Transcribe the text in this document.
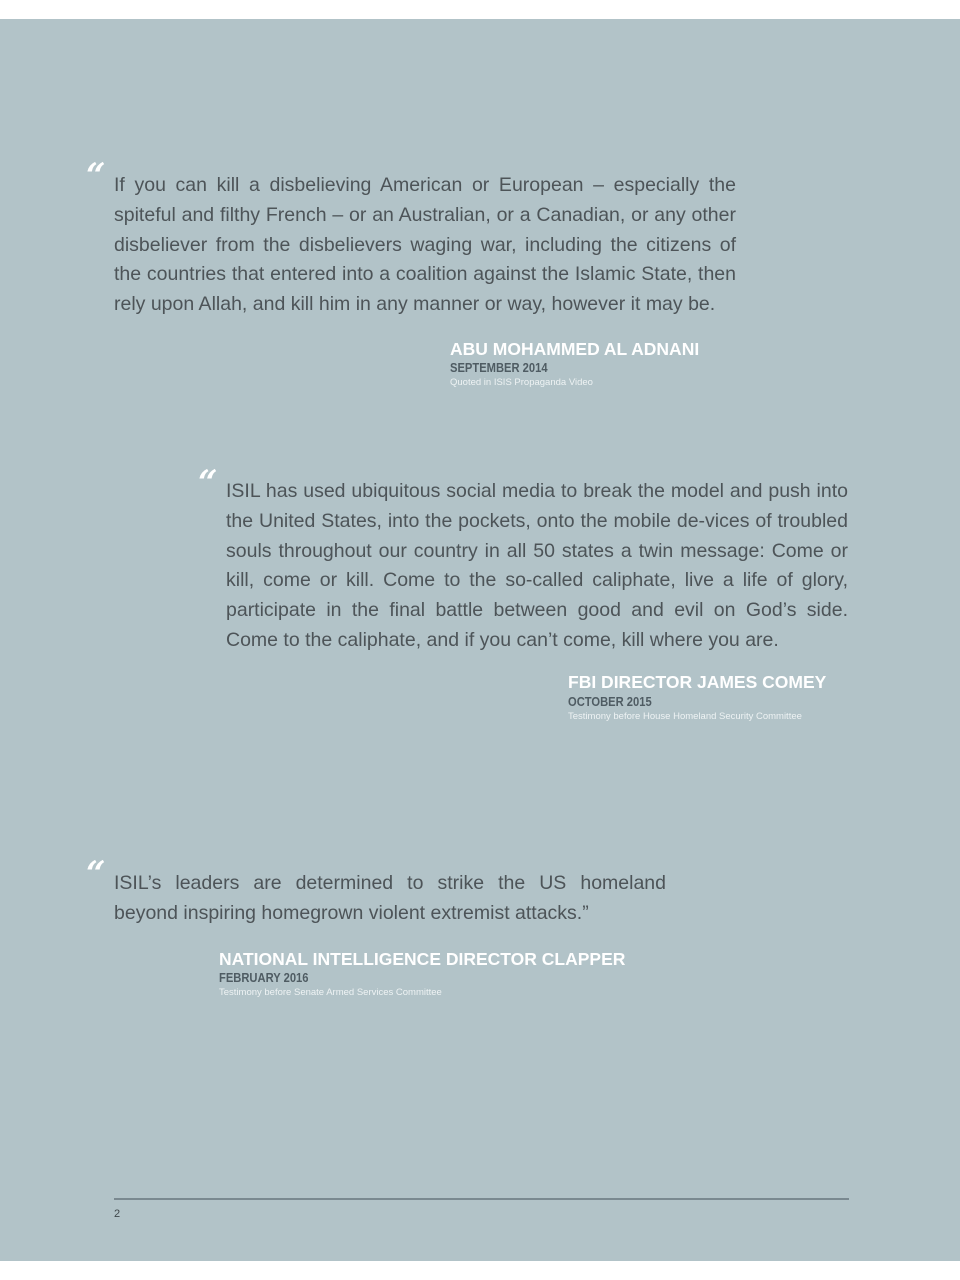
“ If you can kill a disbelieving American or European – especially the spiteful and filthy French – or an Australian, or a Canadian, or any other disbeliever from the disbelievers waging war, including the citizens of the countries that entered into a coalition against the Islamic State, then rely upon Allah, and kill him in any manner or way, however it may be.

ABU MOHAMMED AL ADNANI

SEPTEMBER 2014

Quoted in ISIS Propaganda Video

“ ISIL has used ubiquitous social media to break the model and push into the United States, into the pockets, onto the mobile de-vices of troubled souls throughout our country in all 50 states a twin message: Come or kill, come or kill. Come to the so-called caliphate, live a life of glory, participate in the final battle between good and evil on God’s side. Come to the caliphate, and if you can’t come, kill where you are.

FBI DIRECTOR JAMES COMEY

OCTOBER 2015

Testimony before House Homeland Security Committee

“ ISIL’s leaders are determined to strike the US homeland beyond inspiring homegrown violent extremist attacks.”

NATIONAL INTELLIGENCE DIRECTOR CLAPPER

FEBRUARY 2016

Testimony before Senate Armed Services Committee

2
